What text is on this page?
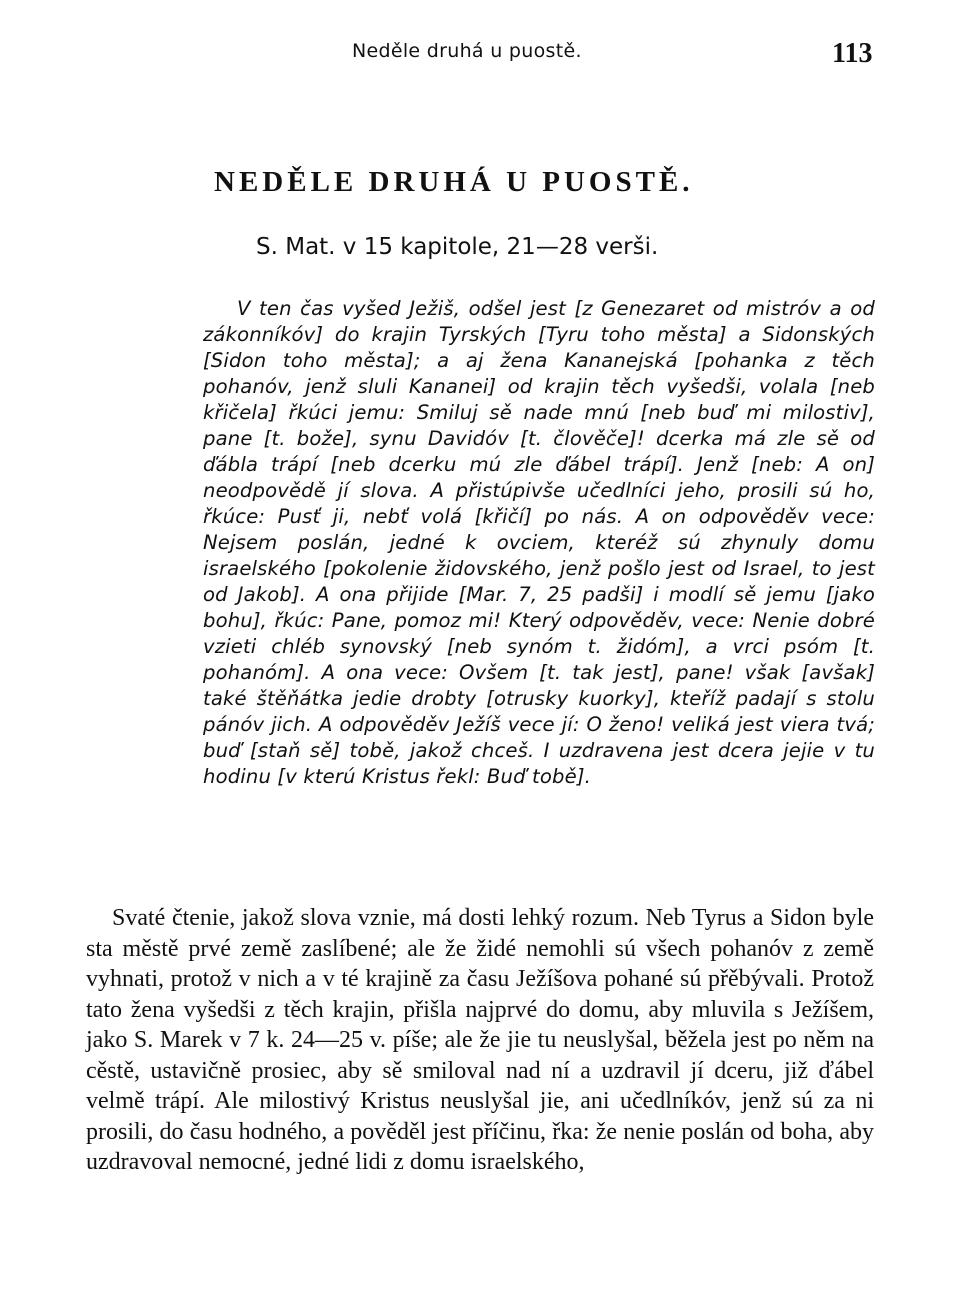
Neděle druhá u puostě.	113
NEDĚLE DRUHÁ U PUOSTĚ.
S. Mat. v 15 kapitole, 21—28 verši.

V ten čas vyšed Ježiš, odšel jest [z Genezaret od mistróv a od zákonníkóv] do krajin Tyrských [Tyru toho města] a Sidonských [Sidon toho města]; a aj žena Kananejská [pohanka z těch pohanóv, jenž sluli Kananei] od krajin těch vyšedši, volala [neb křičela] řkúci jemu: Smiluj sě nade mnú [neb buď mi milostiv], pane [t. bože], synu Davidóv [t. člověče]! dcerka má zle sě od ďábla trápí [neb dcerku mú zle ďábel trápí]. Jenž [neb: A on] neodpovědě jí slova. A přistúpivše učedlníci jeho, prosili sú ho, řkúce: Pusť ji, nebť volá [křičí] po nás. A on odpověděv vece: Nejsem poslán, jedné k ovciem, kteréž sú zhynuly domu israelského [pokolenie židovského, jenž pošlo jest od Israel, to jest od Jakob]. A ona přijide [Mar. 7, 25 padši] i modlí sě jemu [jako bohu], řkúc: Pane, pomoz mi! Který odpověděv, vece: Nenie dobré vzieti chléb synovský [neb synóm t. židóm], a vrci psóm [t. pohanóm]. A ona vece: Ovšem [t. tak jest], pane! však [avšak] také štěňátka jedie drobty [otrusky kuorky], kteříž padají s stolu pánóv jich. A odpověděv Ježíš vece jí: O ženo! veliká jest viera tvá; buď [staň sě] tobě, jakož chceš. I uzdravena jest dcera jejie v tu hodinu [v kterú Kristus řekl: Buď tobě].

Svaté čtenie, jakož slova vznie, má dosti lehký rozum. Neb Tyrus a Sidon byle sta městě prvé země zaslíbené; ale že židé nemohli sú všech pohanóv z země vyhnati, protož v nich a v té krajině za času Ježíšova pohané sú přěbývali. Protož tato žena vyšedši z těch krajin, přišla najprvé do domu, aby mluvila s Ježíšem, jako S. Marek v 7 k. 24—25 v. píše; ale že jie tu neuslyšal, běžela jest po něm na cěstě, ustavičně prosiec, aby sě smiloval nad ní a uzdravil jí dceru, již ďábel velmě trápí. Ale milostivý Kristus neuslyšal jie, ani učedlníkóv, jenž sú za ni prosili, do času hodného, a pověděl jest příčinu, řka: že nenie poslán od boha, aby uzdravoval nemocné, jedné lidi z domu israelského,
